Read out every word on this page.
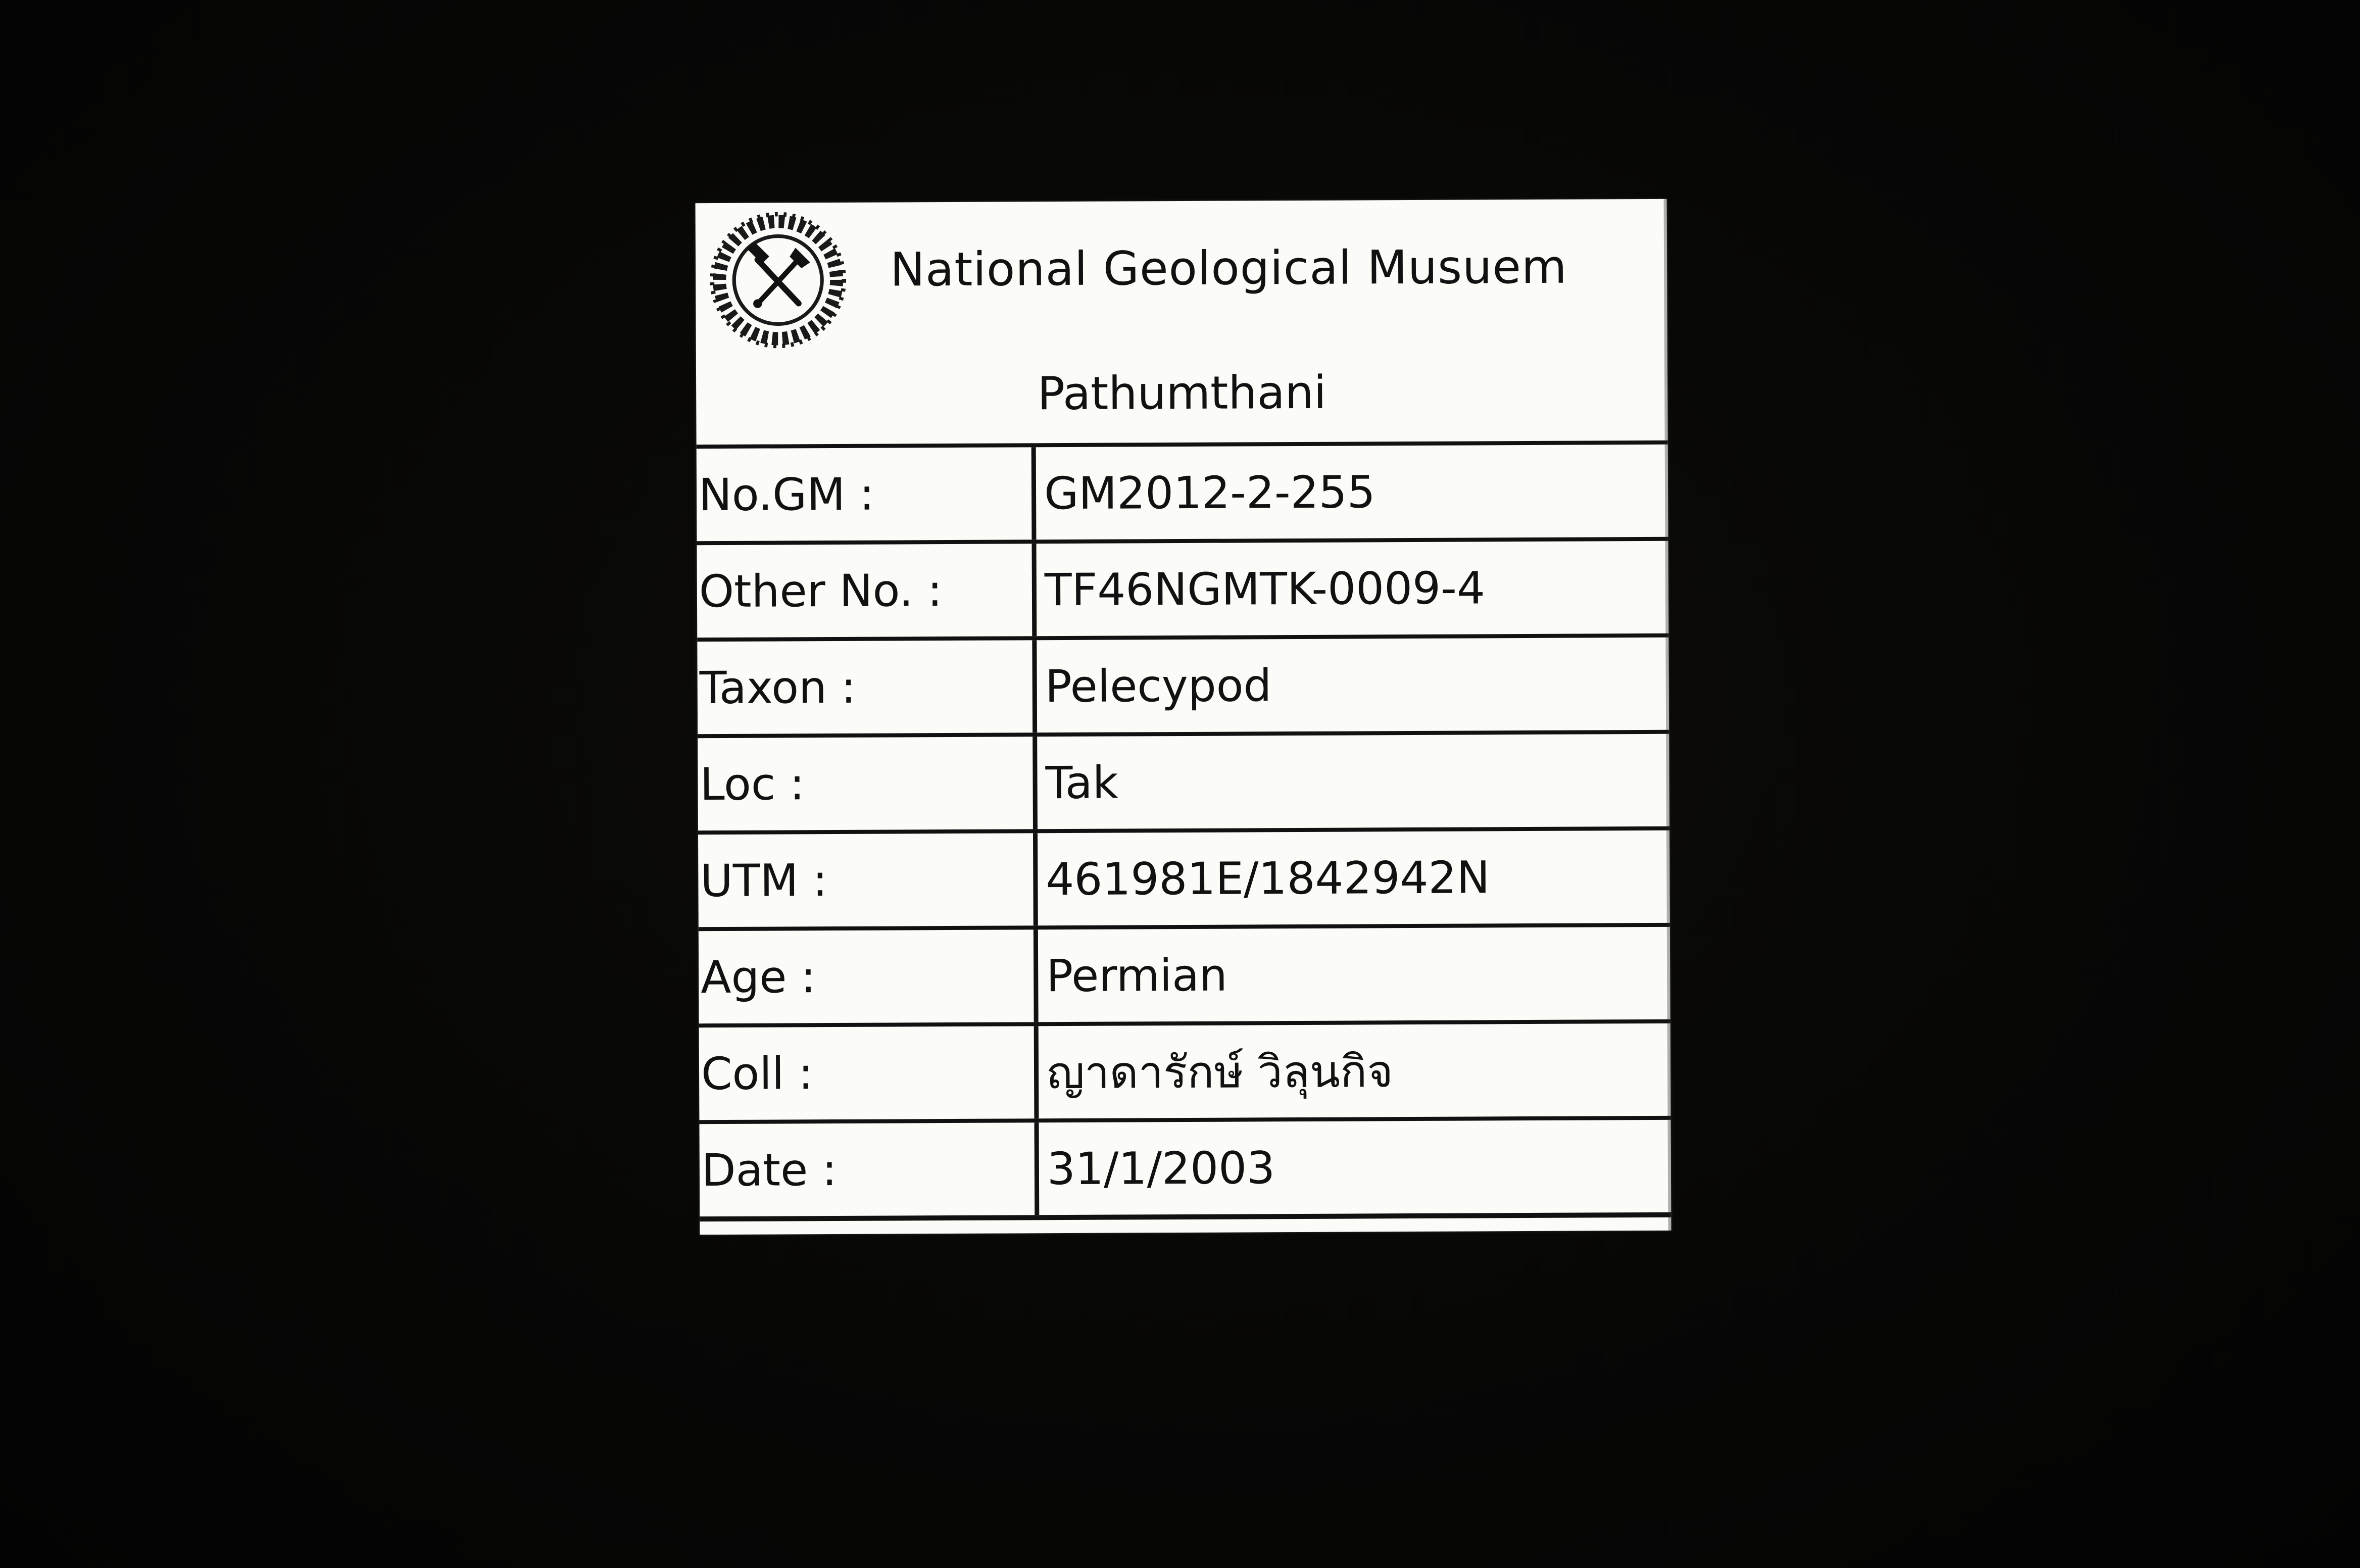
National Geological Musuem
Pathumthani
No.GM :	GM2012-2-255
Other No. :	TF46NGMTK-0009-4
Taxon :	Pelecypod
Loc :	Tak
UTM :	461981E/1842942N
Age :	Permian
Coll :	ญาดารักษ์ วิลุนกิจ
Date :	31/1/2003
